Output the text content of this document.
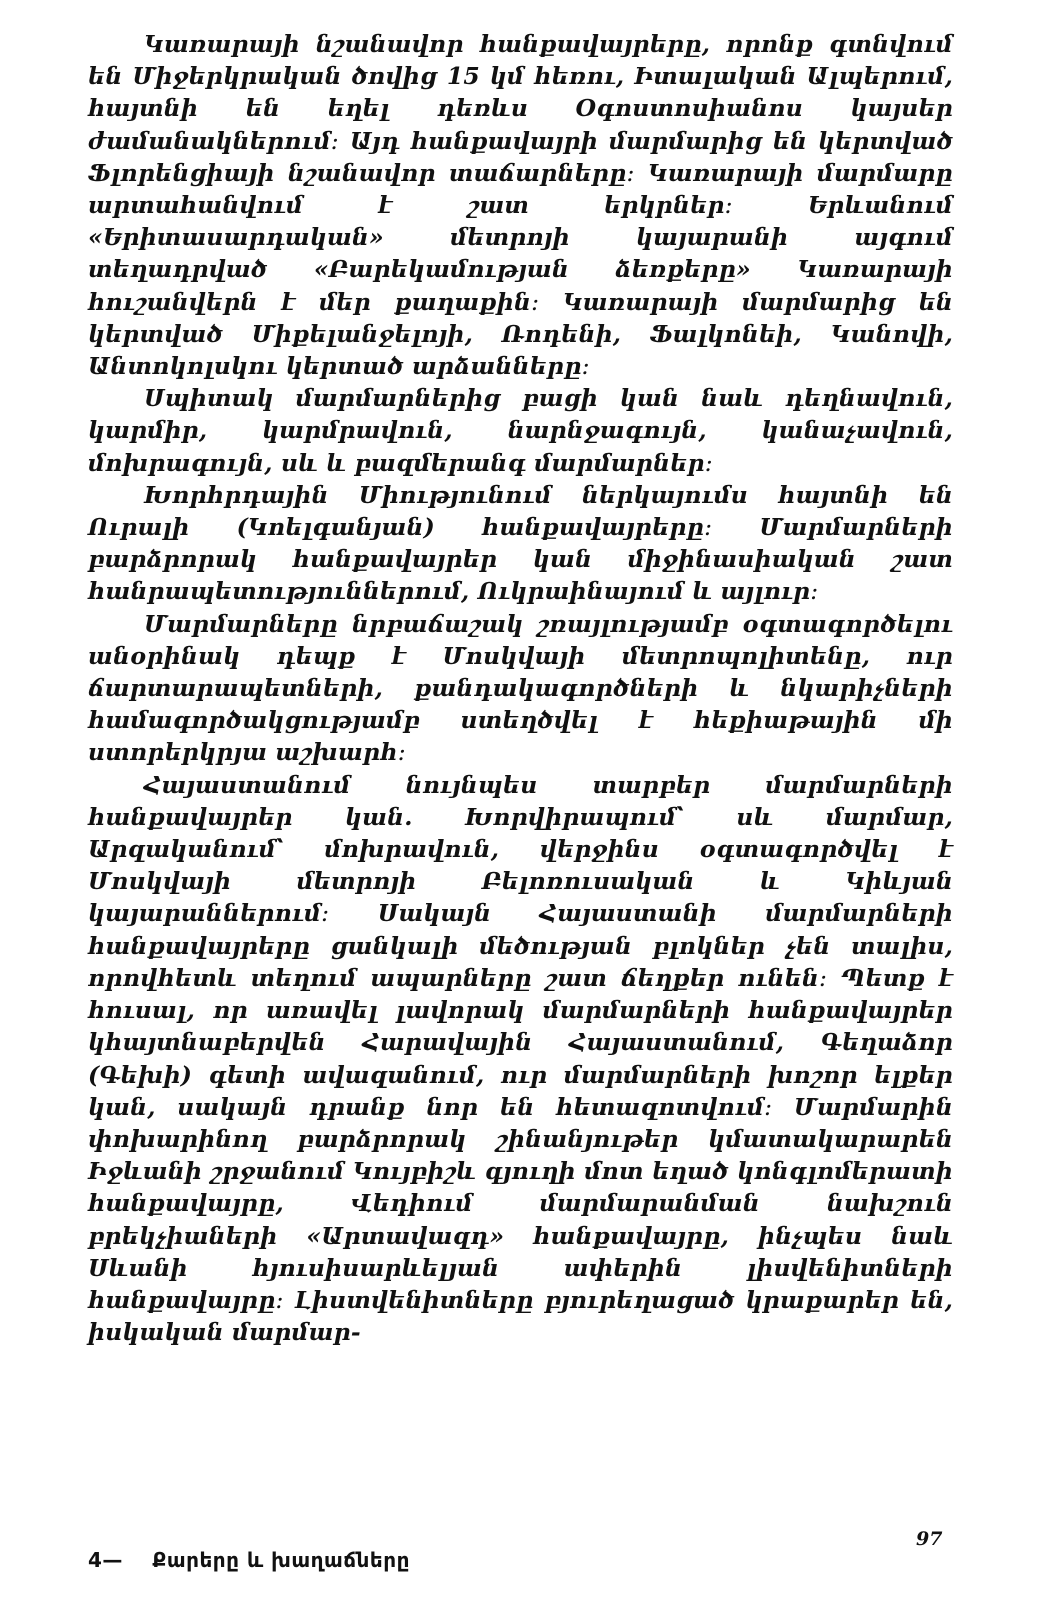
Կառարայի նշանավոր հանքավայրերը, որոնք գտնվում են Միջերկրական ծովից 15 կմ հեռու, Իտալական Ալպերում, հայտնի են եղել դեռևս Օգոստոսիանոս կայսեր ժամանակներում։ Այդ հանքավայրի մարմարից են կերտված Ֆլորենցիայի նշանավոր տաճարները։ Կառարայի մարմարը արտահանվում է շատ երկրներ։ Երևանում «Երիտասարդական» մետրոյի կայարանի այգում տեղադրված «Բարեկամության ձեռքերը» Կառարայի հուշանվերն է մեր քաղաքին։ Կառարայի մարմարից են կերտված Միքելանջելոյի, Ռոդենի, Ֆալկոնեի, Կանովի, Անտոկոլսկու կերտած արձանները։

Սպիտակ մարմարներից բացի կան նաև դեղնավուն, կարմիր, կարմրավուն, նարնջագույն, կանաչավուն, մոխրագույն, սև և բազմերանգ մարմարներ։

Խորհրդային Միությունում ներկայումս հայտնի են Ուրալի (Կոելգանյան) հանքավայրերը։ Մարմարների բարձրորակ հանքավայրեր կան միջինասիական շատ հանրապետություններում, Ուկրաինայում և այլուր։

Մարմարները նրբաճաշակ շռայլությամբ օգտագործելու անօրինակ դեպք է Մոսկվայի մետրոպոլիտենը, ուր ճարտարապետների, քանդակագործների և նկարիչների համագործակցությամբ ստեղծվել է հեքիաթային մի ստորերկրյա աշխարհ։

Հայաստանում նույնպես տարբեր մարմարների հանքավայրեր կան. Խորվիրապում՝ սև մարմար, Արզականում՝ մոխրավուն, վերջինս օգտագործվել է Մոսկվայի մետրոյի Բելոռուսական և Կիևյան կայարաններում։ Սակայն Հայաստանի մարմարների հանքավայրերը ցանկալի մեծության բլոկներ չեն տալիս, որովհետև տեղում ապարները շատ ճեղքեր ունեն։ Պետք է հուսալ, որ առավել լավորակ մարմարների հանքավայրեր կհայտնաբերվեն Հարավային Հայաստանում, Գեղաձոր (Գեխի) գետի ավազանում, ուր մարմարների խոշոր ելքեր կան, սակայն դրանք նոր են հետազոտվում։ Մարմարին փոխարինող բարձրորակ շինանյութեր կմատակարարեն Իջևանի շրջանում Կույբիշև գյուղի մոտ եղած կոնգլոմերատի հանքավայրը, Վեդիում մարմարանման նախշուն բրեկչիաների «Արտավազդ» հանքավայրը, ինչպես նաև Սևանի հյուսիսարևելյան ափերին լիսվենիտների հանքավայրը։ Լիստվենիտները բյուրեղացած կրաքարեր են, իսկական մարմար-

4— Քարերը և խաղաճները
97
